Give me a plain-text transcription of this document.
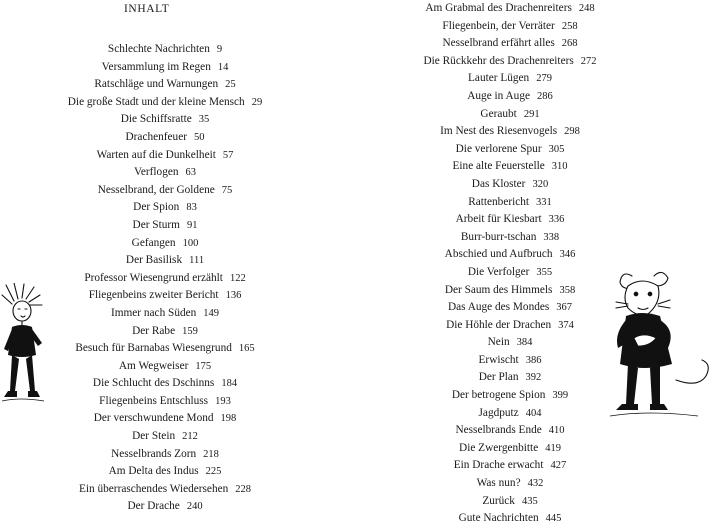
INHALT
Schlechte Nachrichten 9
Versammlung im Regen 14
Ratschläge und Warnungen 25
Die große Stadt und der kleine Mensch 29
Die Schiffsratte 35
Drachenfeuer 50
Warten auf die Dunkelheit 57
Verflogen 63
Nesselbrand, der Goldene 75
Der Spion 83
Der Sturm 91
Gefangen 100
Der Basilisk 111
Professor Wiesengrund erzählt 122
Fliegenbeins zweiter Bericht 136
Immer nach Süden 149
Der Rabe 159
Besuch für Barnabas Wiesengrund 165
Am Wegweiser 175
Die Schlucht des Dschinns 184
Fliegenbeins Entschluss 193
Der verschwundene Mond 198
Der Stein 212
Nesselbrands Zorn 218
Am Delta des Indus 225
Ein überraschendes Wiedersehen 228
Der Drache 240
Am Grabmal des Drachenreiters 248
Fliegenbein, der Verräter 258
Nesselbrand erfährt alles 268
Die Rückkehr des Drachenreiters 272
Lauter Lügen 279
Auge in Auge 286
Geraubt 291
Im Nest des Riesenvogels 298
Die verlorene Spur 305
Eine alte Feuerstelle 310
Das Kloster 320
Rattenbericht 331
Arbeit für Kiesbart 336
Burr-burr-tschan 338
Abschied und Aufbruch 346
Die Verfolger 355
Der Saum des Himmels 358
Das Auge des Mondes 367
Die Höhle der Drachen 374
Nein 384
Erwischt 386
Der Plan 392
Der betrogene Spion 399
Jagdputz 404
Nesselbrands Ende 410
Die Zwergenbitte 419
Ein Drache erwacht 427
Was nun? 432
Zurück 435
Gute Nachrichten 445
